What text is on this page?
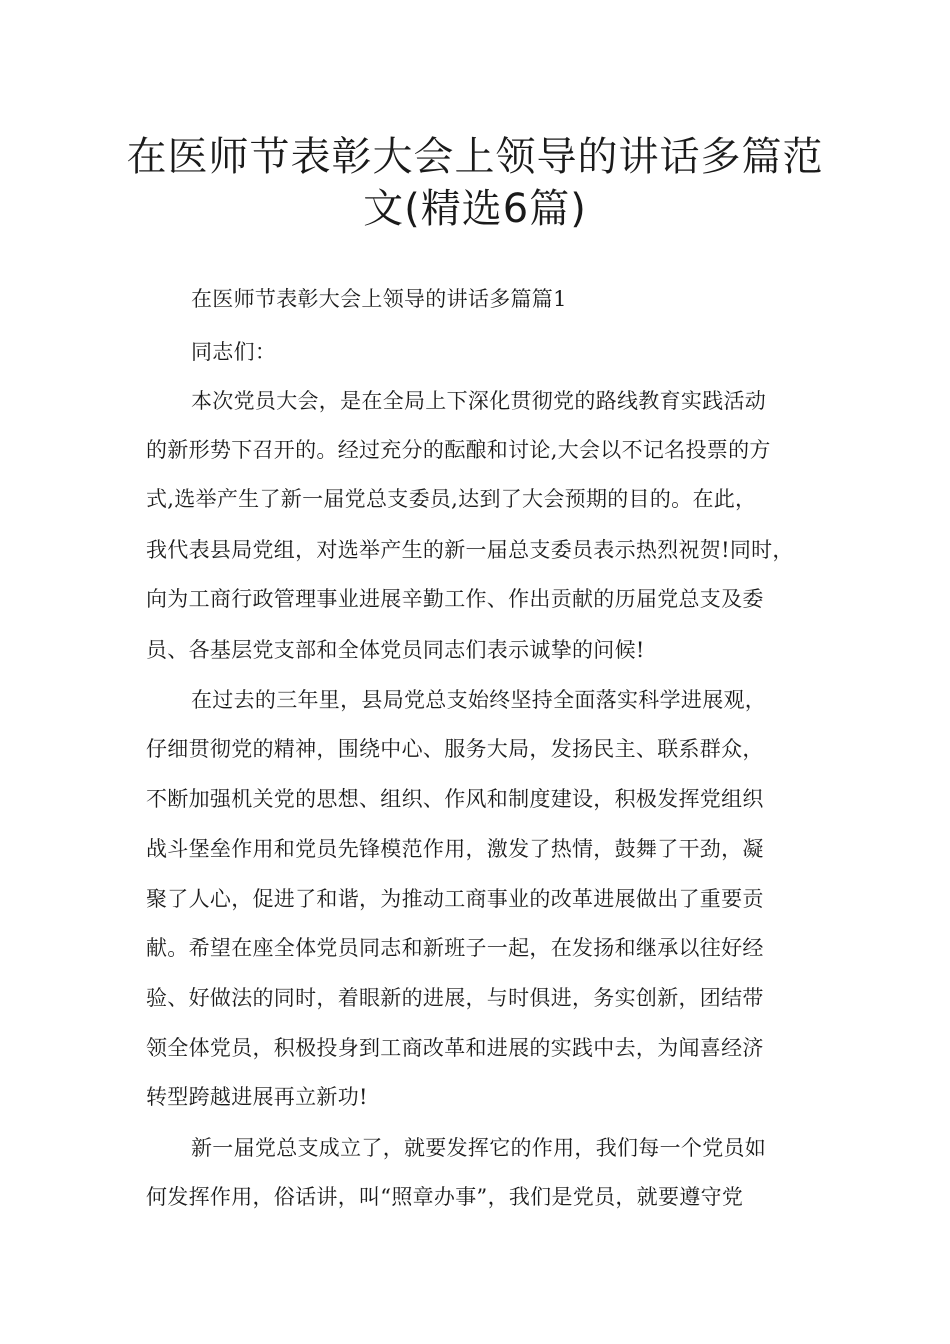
在医师节表彰大会上领导的讲话多篇范
文(精选6篇)

在医师节表彰大会上领导的讲话多篇篇1

同志们：

本次党员大会，是在全局上下深化贯彻党的路线教育实践活动

的新形势下召开的。经过充分的酝酿和讨论,大会以不记名投票的方

式,选举产生了新一届党总支委员,达到了大会预期的目的。在此，

我代表县局党组，对选举产生的新一届总支委员表示热烈祝贺!同时，

向为工商行政管理事业进展辛勤工作、作出贡献的历届党总支及委

员、各基层党支部和全体党员同志们表示诚挚的问候!

在过去的三年里，县局党总支始终坚持全面落实科学进展观，

仔细贯彻党的精神，围绕中心、服务大局，发扬民主、联系群众，

不断加强机关党的思想、组织、作风和制度建设，积极发挥党组织

战斗堡垒作用和党员先锋模范作用，激发了热情，鼓舞了干劲，凝

聚了人心，促进了和谐，为推动工商事业的改革进展做出了重要贡

献。希望在座全体党员同志和新班子一起，在发扬和继承以往好经

验、好做法的同时，着眼新的进展，与时俱进，务实创新，团结带

领全体党员，积极投身到工商改革和进展的实践中去，为闻喜经济

转型跨越进展再立新功!

新一届党总支成立了，就要发挥它的作用，我们每一个党员如

何发挥作用，俗话讲，叫“照章办事”，我们是党员，就要遵守党
